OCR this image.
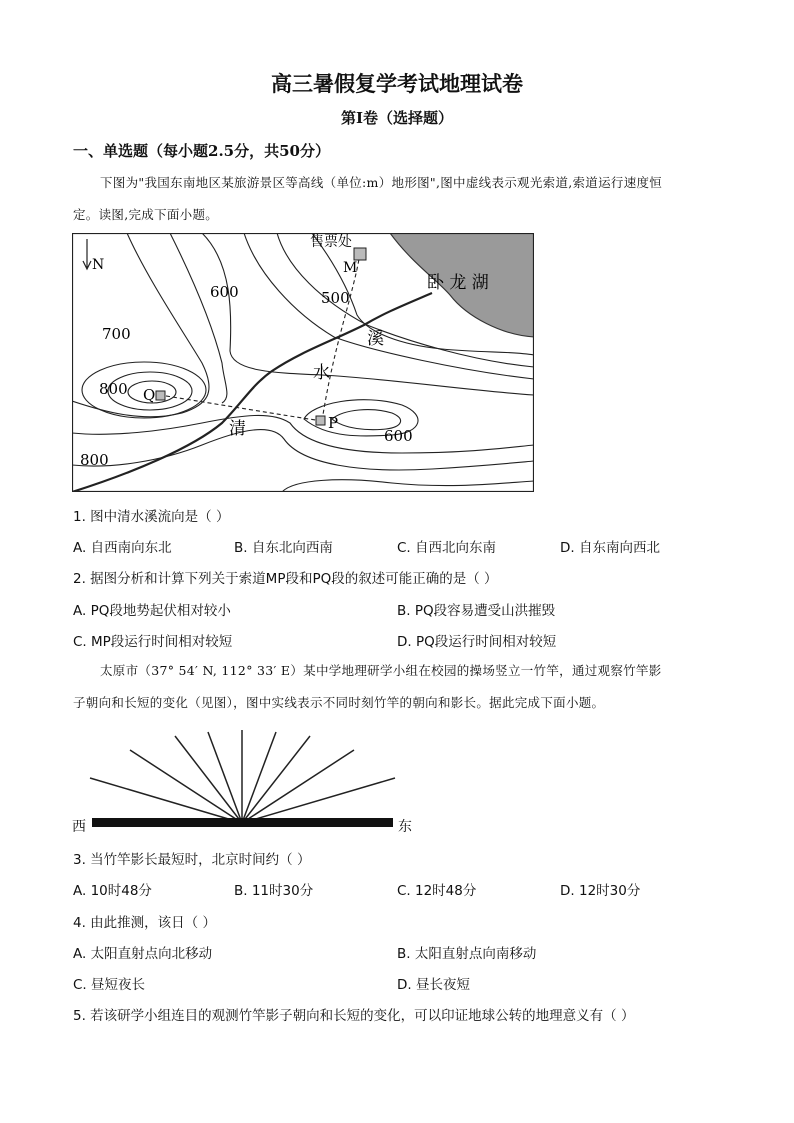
高三暑假复学考试地理试卷
第Ⅰ卷（选择题）
一、单选题（每小题2.5分，共50分）
下图为"我国东南地区某旅游景区等高线（单位:m）地形图",图中虚线表示观光索道,索道运行速度恒
定。读图,完成下面小题。
N
售票处
M
卧 龙 湖
500
600
700
800 Q
溪
水
清	P
600
800
1. 图中清水溪流向是（ ）
A. 自西南向东北	B. 自东北向西南	C. 自西北向东南	D. 自东南向西北
2. 据图分析和计算下列关于索道MP段和PQ段的叙述可能正确的是（ ）
A. PQ段地势起伏相对较小	B. PQ段容易遭受山洪摧毁
C. MP段运行时间相对较短	D. PQ段运行时间相对较短
太原市（37° 54′ N, 112° 33′ E）某中学地理研学小组在校园的操场竖立一竹竿，通过观察竹竿影
子朝向和长短的变化（见图），图中实线表示不同时刻竹竿的朝向和影长。据此完成下面小题。
西	东
3. 当竹竿影长最短时，北京时间约（ ）
A. 10时48分	B. 11时30分	C. 12时48分	D. 12时30分
4. 由此推测，该日（ ）
A. 太阳直射点向北移动	B. 太阳直射点向南移动
C. 昼短夜长	D. 昼长夜短
5. 若该研学小组连目的观测竹竿影子朝向和长短的变化，可以印证地球公转的地理意义有（ ）
